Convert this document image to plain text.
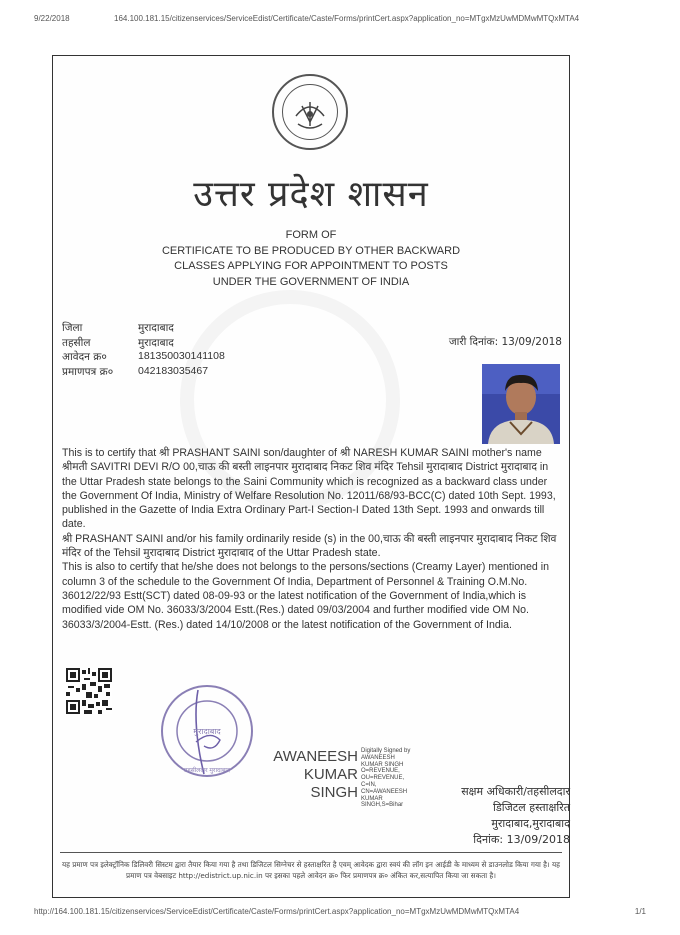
9/22/2018	164.100.181.15/citizenservices/ServiceEdist/Certificate/Caste/Forms/printCert.aspx?application_no=MTgxMzUwMDMwMTQxMTA4
उत्तर प्रदेश शासन
FORM OF
CERTIFICATE TO BE PRODUCED BY OTHER BACKWARD
CLASSES APPLYING FOR APPOINTMENT TO POSTS
UNDER THE GOVERNMENT OF INDIA
जिला	मुरादाबाद
तहसील	मुरादाबाद
आवेदन क्र०	181350030141108
प्रमाणपत्र क्र० 042183035467
जारी दिनांक: 13/09/2018

This is to certify that श्री PRASHANT SAINI son/daughter of श्री NARESH KUMAR SAINI mother's name श्रीमती SAVITRI DEVI R/O 00,चाऊ की बस्ती लाइनपार मुरादाबाद निकट शिव मंदिर Tehsil मुरादाबाद District मुरादाबाद in the Uttar Pradesh state belongs to the Saini Community which is recognized as a backward class under the Government Of India, Ministry of Welfare Resolution No. 12011/68/93-BCC(C) dated 10th Sept. 1993, published in the Gazette of India Extra Ordinary Part-I Section-I Dated 13th Sept. 1993 and onwards till date.

श्री PRASHANT SAINI and/or his family ordinarily reside (s) in the 00,चाऊ की बस्ती लाइनपार मुरादाबाद निकट शिव मंदिर of the Tehsil मुरादाबाद District मुरादाबाद of the Uttar Pradesh state.

This is also to certify that he/she does not belongs to the persons/sections (Creamy Layer) mentioned in column 3 of the schedule to the Government Of India, Department of Personnel & Training O.M.No. 36012/22/93 Estt(SCT) dated 08-09-93 or the latest notification of the Government of India,which is modified vide OM No. 36033/3/2004 Estt.(Res.) dated 09/03/2004 and further modified vide OM No. 36033/3/2004-Estt. (Res.) dated 14/10/2008 or the latest notification of the Government of India.

मुरादाबाद
तहसीलदार मुरादाबाद
AWANEESH
KUMAR
SINGH
Digitally Signed by
AWANEESH
KUMAR SINGH
O=REVENUE,
OU=REVENUE,
C=IN,
CN=AWANEESH
KUMAR
SINGH,S=Bihar
सक्षम अधिकारी/तहसीलदार
डिजिटल हस्ताक्षरित
मुरादाबाद,मुरादाबाद
दिनांक: 13/09/2018
यह प्रमाण पत्र इलेक्ट्रॉनिक डिलिवरी सिस्टम द्वारा तैयार किया गया है तथा डिजिटल सिग्नेचर से हस्ताक्षरित है एवम् आवेदक द्वारा स्वयं की लॉग इन आईडी के माध्यम से डाउनलोड किया गया है। यह प्रमाण पत्र वेबसाइट http://edistrict.up.nic.in पर इसका पहले आवेदन क्र० फिर प्रमाणपत्र क्र० अंकित कर,सत्यापित किया जा सकता है।
http://164.100.181.15/citizenservices/ServiceEdist/Certificate/Caste/Forms/printCert.aspx?application_no=MTgxMzUwMDMwMTQxMTA4	1/1
